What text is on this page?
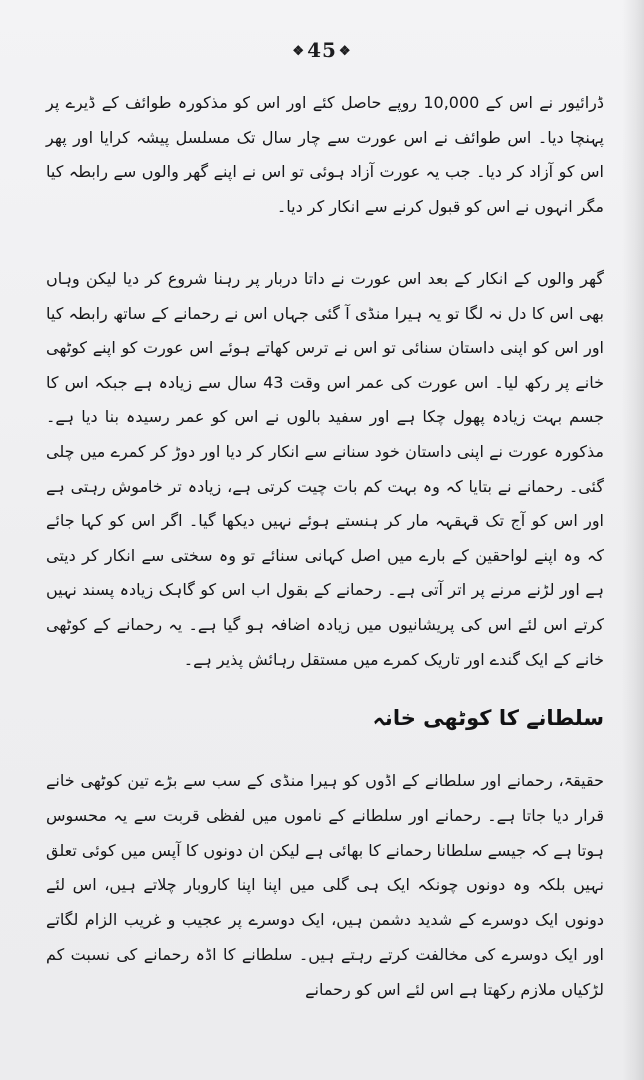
❖ 45 ❖

ڈرائیور نے اس کے 10,000 روپے حاصل کئے اور اس کو مذکورہ طوائف کے ڈیرے پر پہنچا دیا۔ اس طوائف نے اس عورت سے چار سال تک مسلسل پیشہ کرایا اور پھر اس کو آزاد کر دیا۔ جب یہ عورت آزاد ہوئی تو اس نے اپنے گھر والوں سے رابطہ کیا مگر انہوں نے اس کو قبول کرنے سے انکار کر دیا۔

گھر والوں کے انکار کے بعد اس عورت نے داتا دربار پر رہنا شروع کر دیا لیکن وہاں بھی اس کا دل نہ لگا تو یہ ہیرا منڈی آ گئی جہاں اس نے رحمانے کے ساتھ رابطہ کیا اور اس کو اپنی داستان سنائی تو اس نے ترس کھاتے ہوئے اس عورت کو اپنے کوٹھی خانے پر رکھ لیا۔ اس عورت کی عمر اس وقت 43 سال سے زیادہ ہے جبکہ اس کا جسم بہت زیادہ پھول چکا ہے اور سفید بالوں نے اس کو عمر رسیدہ بنا دیا ہے۔ مذکورہ عورت نے اپنی داستان خود سنانے سے انکار کر دیا اور دوڑ کر کمرے میں چلی گئی۔ رحمانے نے بتایا کہ وہ بہت کم بات چیت کرتی ہے، زیادہ تر خاموش رہتی ہے اور اس کو آج تک قہقہہ مار کر ہنستے ہوئے نہیں دیکھا گیا۔ اگر اس کو کہا جائے کہ وہ اپنے لواحقین کے بارے میں اصل کہانی سنائے تو وہ سختی سے انکار کر دیتی ہے اور لڑنے مرنے پر اتر آتی ہے۔ رحمانے کے بقول اب اس کو گاہک زیادہ پسند نہیں کرتے اس لئے اس کی پریشانیوں میں زیادہ اضافہ ہو گیا ہے۔ یہ رحمانے کے کوٹھی خانے کے ایک گندے اور تاریک کمرے میں مستقل رہائش پذیر ہے۔

سلطانے کا کوٹھی خانہ

حقیقۃ، رحمانے اور سلطانے کے اڈوں کو ہیرا منڈی کے سب سے بڑے تین کوٹھی خانے قرار دیا جاتا ہے۔ رحمانے اور سلطانے کے ناموں میں لفظی قربت سے یہ محسوس ہوتا ہے کہ جیسے سلطانا رحمانے کا بھائی ہے لیکن ان دونوں کا آپس میں کوئی تعلق نہیں بلکہ وہ دونوں چونکہ ایک ہی گلی میں اپنا اپنا کاروبار چلاتے ہیں، اس لئے دونوں ایک دوسرے کے شدید دشمن ہیں، ایک دوسرے پر عجیب و غریب الزام لگاتے اور ایک دوسرے کی مخالفت کرتے رہتے ہیں۔ سلطانے کا اڈہ رحمانے کی نسبت کم لڑکیاں ملازم رکھتا ہے اس لئے اس کو رحمانے
